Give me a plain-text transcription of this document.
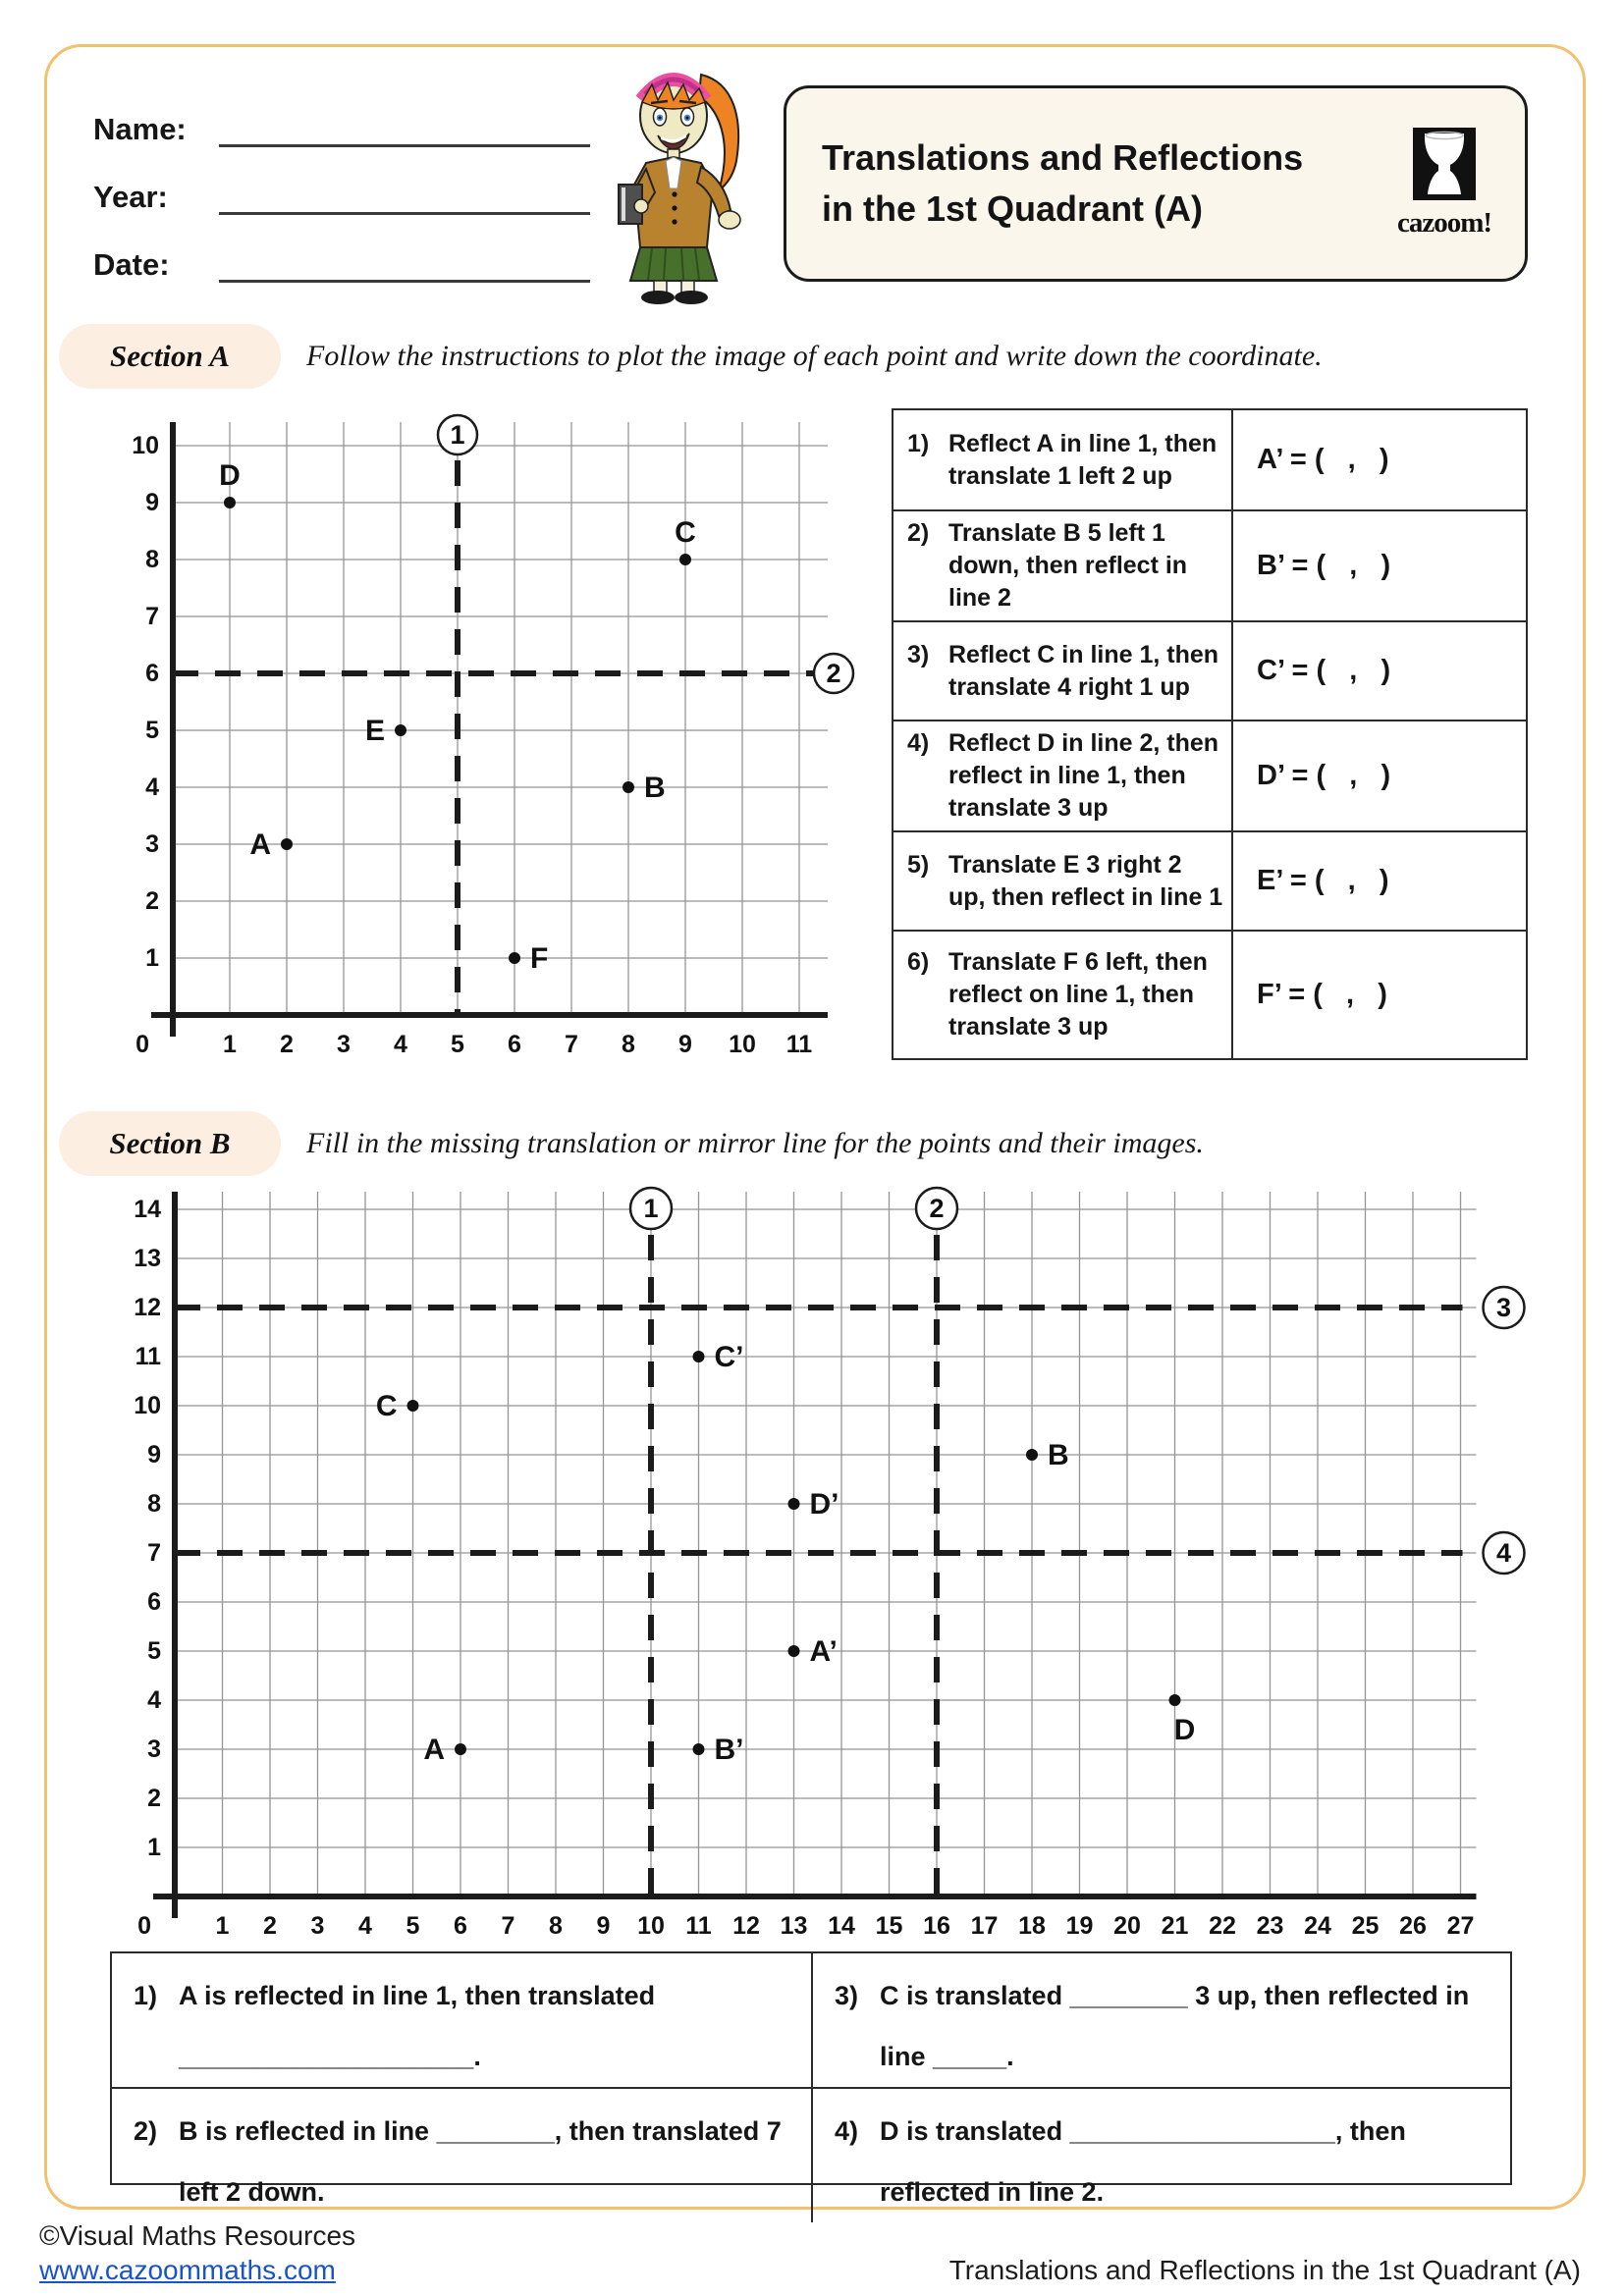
Name:
Year:
Date:
Translations and Reflections
in the 1st Quadrant (A)	cazoom!
Section A	Follow the instructions to plot the image of each point and write down the coordinate.
0	1 2 3 4 5 6 7 8 9 10 11
1
2
3
4
5
6
7
8
9
10	1
2
A
B
C
D
E
F
1) Reflect A in line 1, then translate 1 left 2 up
A’ = (   ,   )
2) Translate B 5 left 1 down, then reflect in line 2
B’ = (   ,   )
3) Reflect C in line 1, then translate 4 right 1 up
C’ = (   ,   )
4) Reflect D in line 2, then reflect in line 1, then translate 3 up
D’ = (   ,   )
5) Translate E 3 right 2 up, then reflect in line 1
E’ = (   ,   )
6) Translate F 6 left, then reflect on line 1, then translate 3 up
F’ = (   ,   )
Section B	Fill in the missing translation or mirror line for the points and their images.
0	1 2 3 4 5 6 7 8 9 10 11 12 13 14 15 16 17 18 19 20 21 22 23 24 25 26 27
1
2
3
4
5
6
7
8
9
10
11
12
13
14	1	2
3
4
A
A’
B
B’
C
C’
D
D’
1) A is reflected in line 1, then translated ____________________.
3) C is translated ________ 3 up, then reflected in line _____.
2) B is reflected in line ________, then translated 7 left 2 down.
4) D is translated __________________, then reflected in line 2.
©Visual Maths Resources
www.cazoommaths.com	Translations and Reflections in the 1st Quadrant (A)
